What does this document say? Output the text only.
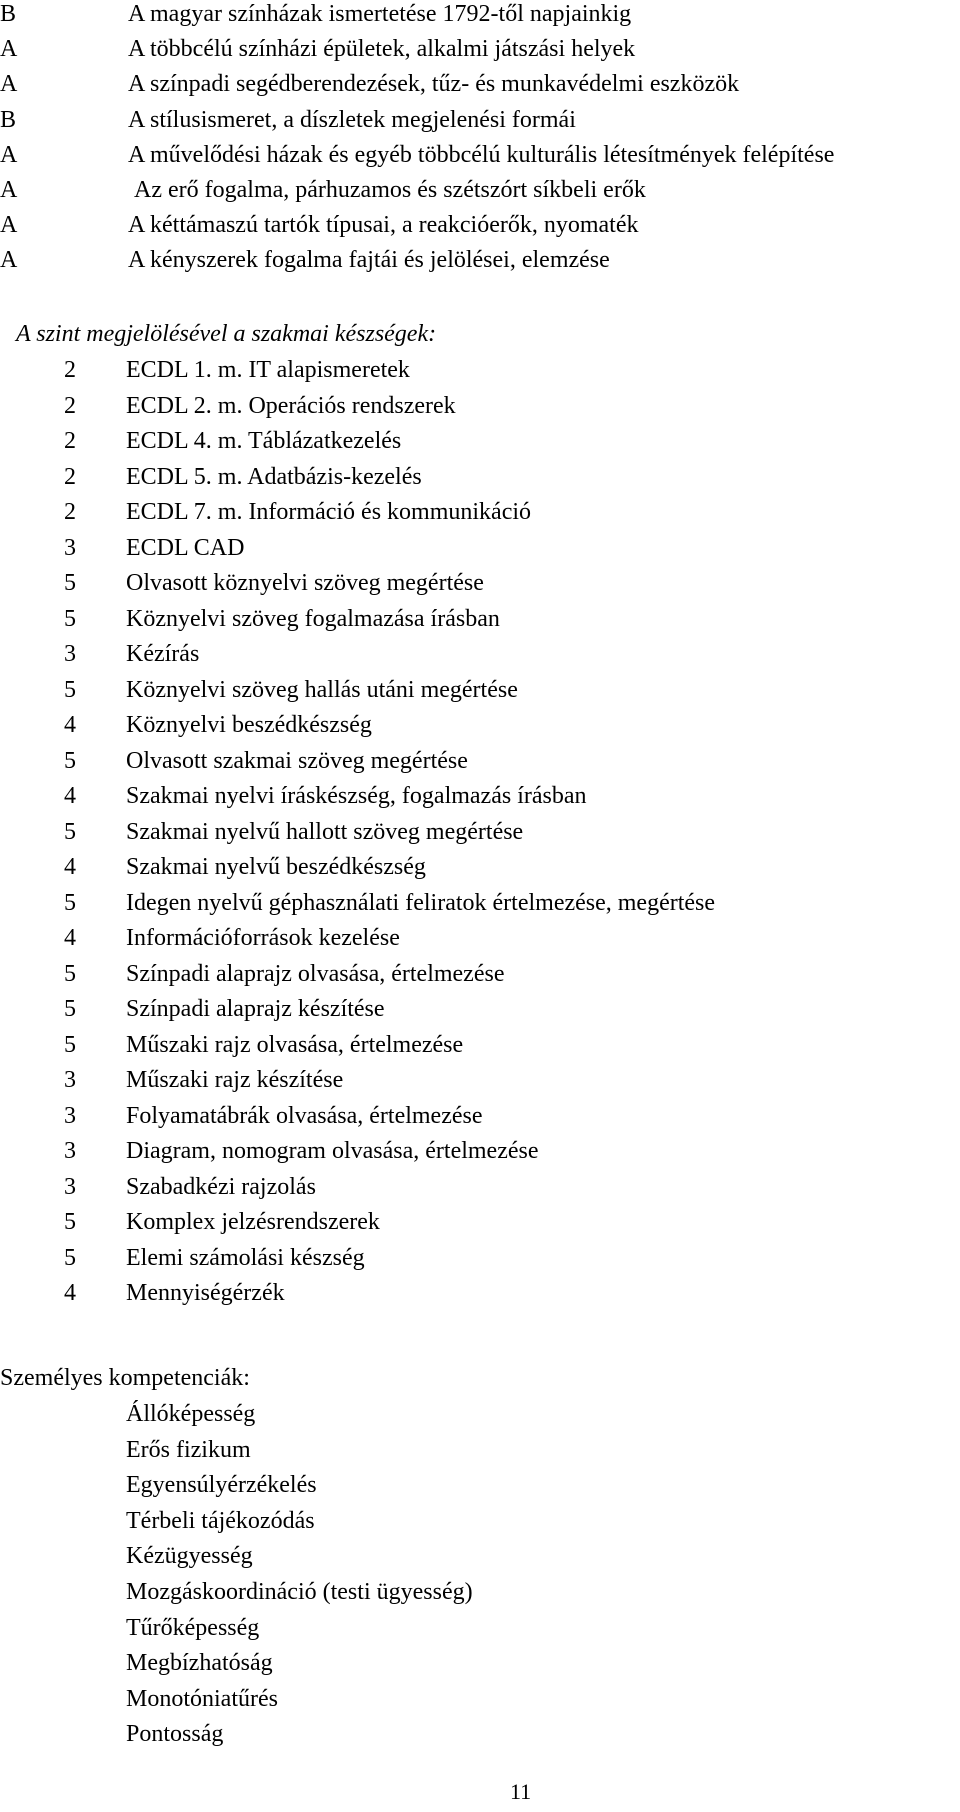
B	A magyar színházak ismertetése 1792-től napjainkig
A	A többcélú színházi épületek, alkalmi játszási helyek
A	A színpadi segédberendezések, tűz- és munkavédelmi eszközök
B	A stílusismeret, a díszletek megjelenési formái
A	A művelődési házak és egyéb többcélú kulturális létesítmények felépítése
A	Az erő fogalma, párhuzamos és szétszórt síkbeli erők
A	A kéttámaszú tartók típusai, a reakcióerők, nyomaték
A	A kényszerek fogalma fajtái és jelölései, elemzése
A szint megjelölésével a szakmai készségek:
2	ECDL 1. m. IT alapismeretek
2	ECDL 2. m. Operációs rendszerek
2	ECDL 4. m. Táblázatkezelés
2	ECDL 5. m. Adatbázis-kezelés
2	ECDL 7. m. Információ és kommunikáció
3	ECDL CAD
5	Olvasott köznyelvi szöveg megértése
5	Köznyelvi szöveg fogalmazása írásban
3	Kézírás
5	Köznyelvi szöveg hallás utáni megértése
4	Köznyelvi beszédkészség
5	Olvasott szakmai szöveg megértése
4	Szakmai nyelvi íráskészség, fogalmazás írásban
5	Szakmai nyelvű hallott szöveg megértése
4	Szakmai nyelvű beszédkészség
5	Idegen nyelvű géphasználati feliratok értelmezése, megértése
4	Információforrások kezelése
5	Színpadi alaprajz olvasása, értelmezése
5	Színpadi alaprajz készítése
5	Műszaki rajz olvasása, értelmezése
3	Műszaki rajz készítése
3	Folyamatábrák olvasása, értelmezése
3	Diagram, nomogram olvasása, értelmezése
3	Szabadkézi rajzolás
5	Komplex jelzésrendszerek
5	Elemi számolási készség
4	Mennyiségérzék
Személyes kompetenciák:
Állóképesség
Erős fizikum
Egyensúlyérzékelés
Térbeli tájékozódás
Kézügyesség
Mozgáskoordináció (testi ügyesség)
Tűrőképesség
Megbízhatóság
Monotóniatűrés
Pontosság
11
